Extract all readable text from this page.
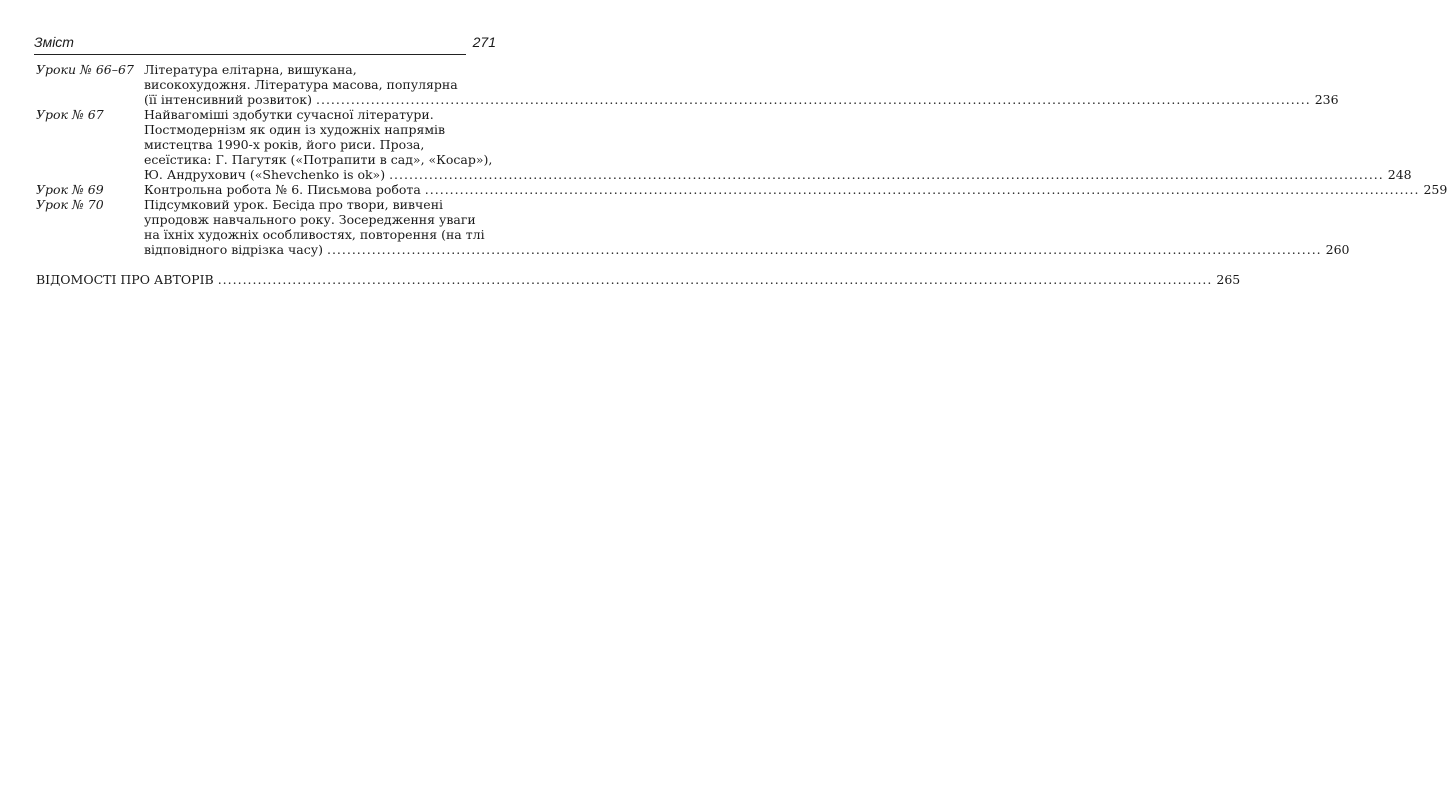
Зміст	271
Уроки № 66–67 Література елітарна, вишукана,
високохудожня. Література масова, популярна
(її інтенсивний розвиток) ........................................................................................................................................................................................................ 236
Урок № 67	Найвагоміші здобутки сучасної літератури.
Постмодернізм як один із художніх напрямів
мистецтва 1990-х років, його риси. Проза,
есеїстика: Г. Пагутяк («Потрапити в сад», «Косар»),
Ю. Андрухович («Shevchenko is ok») ........................................................................................................................................................................................................ 248
Урок № 69	Контрольна робота № 6. Письмова робота ........................................................................................................................................................................................................ 259
Урок № 70	Підсумковий урок. Бесіда про твори, вивчені
упродовж навчального року. Зосередження уваги
на їхніх художніх особливостях, повторення (на тлі
відповідного відрізка часу) ........................................................................................................................................................................................................ 260
ВІДОМОСТІ ПРО АВТОРІВ ........................................................................................................................................................................................................ 265
